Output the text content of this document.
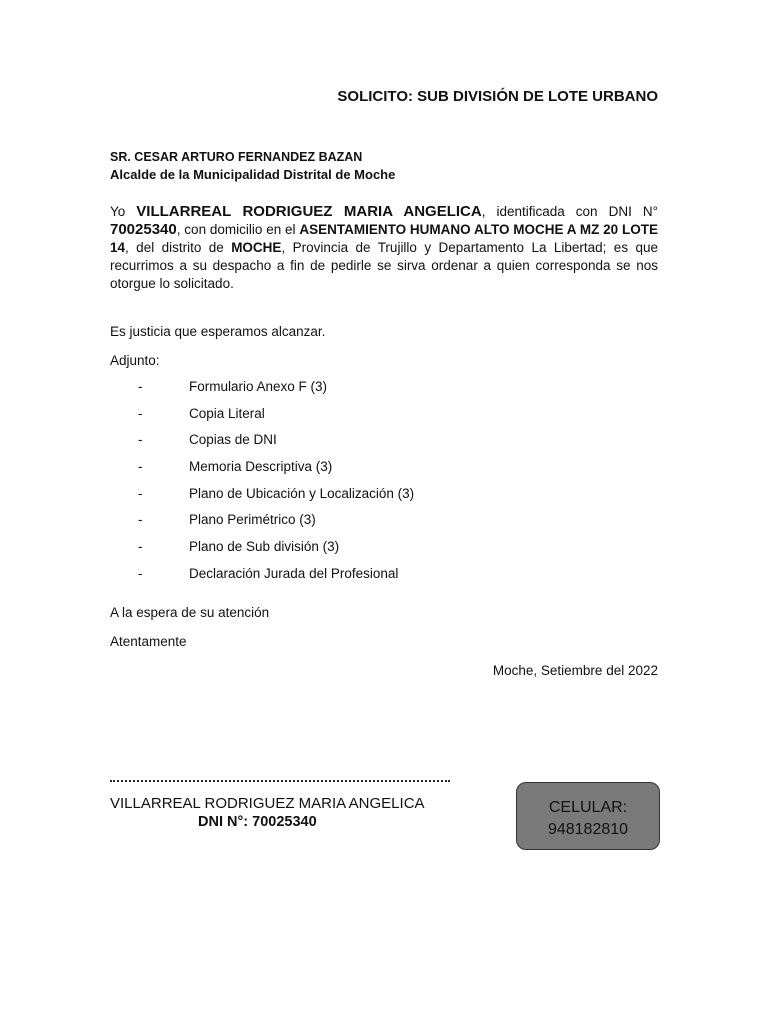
SOLICITO: SUB DIVISIÓN DE LOTE URBANO
SR. CESAR ARTURO FERNANDEZ BAZAN
Alcalde de la Municipalidad Distrital de Moche

Yo VILLARREAL RODRIGUEZ MARIA ANGELICA, identificada con DNI N° 70025340, con domicilio en el ASENTAMIENTO HUMANO ALTO MOCHE A MZ 20 LOTE 14, del distrito de MOCHE, Provincia de Trujillo y Departamento La Libertad; es que recurrimos a su despacho a fin de pedirle se sirva ordenar a quien corresponda se nos otorgue lo solicitado.

Es justicia que esperamos alcanzar.
Adjunto:
-	Formulario Anexo F (3)
-	Copia Literal
-	Copias de DNI
-	Memoria Descriptiva (3)
-	Plano de Ubicación y Localización (3)
-	Plano Perimétrico (3)
-	Plano de Sub división (3)
-	Declaración Jurada del Profesional
A la espera de su atención
Atentamente
Moche, Setiembre del 2022
VILLARREAL RODRIGUEZ MARIA ANGELICA
DNI N°: 70025340
CELULAR:
948182810
